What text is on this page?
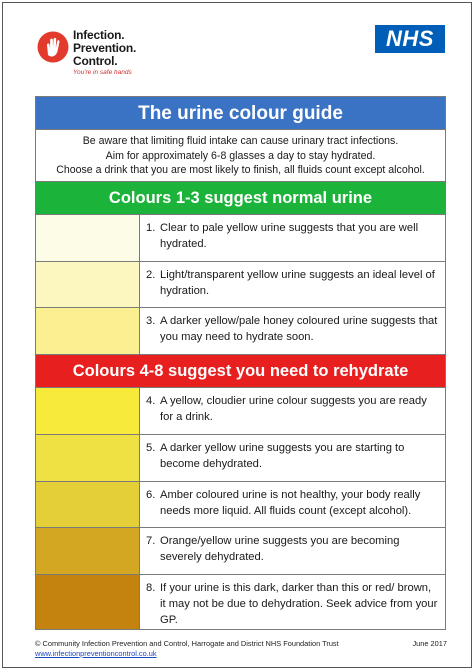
Infection.
Prevention.
Control.
You're in safe hands
NHS
The urine colour guide
Be aware that limiting fluid intake can cause urinary tract infections.
Aim for approximately 6-8 glasses a day to stay hydrated.
Choose a drink that you are most likely to finish, all fluids count except alcohol.
Colours 1-3 suggest normal urine
1. Clear to pale yellow urine suggests that you are well hydrated.
2. Light/transparent yellow urine suggests an ideal level of hydration.
3. A darker yellow/pale honey coloured urine suggests that you may need to hydrate soon.
Colours 4-8 suggest you need to rehydrate
4. A yellow, cloudier urine colour suggests you are ready for a drink.
5. A darker yellow urine suggests you are starting to become dehydrated.
6. Amber coloured urine is not healthy, your body really needs more liquid. All fluids count (except alcohol).
7. Orange/yellow urine suggests you are becoming severely dehydrated.
8. If your urine is this dark, darker than this or red/ brown, it may not be due to dehydration. Seek advice from your GP.
© Community Infection Prevention and Control, Harrogate and District NHS Foundation Trust	June 2017
www.infectionpreventioncontrol.co.uk
